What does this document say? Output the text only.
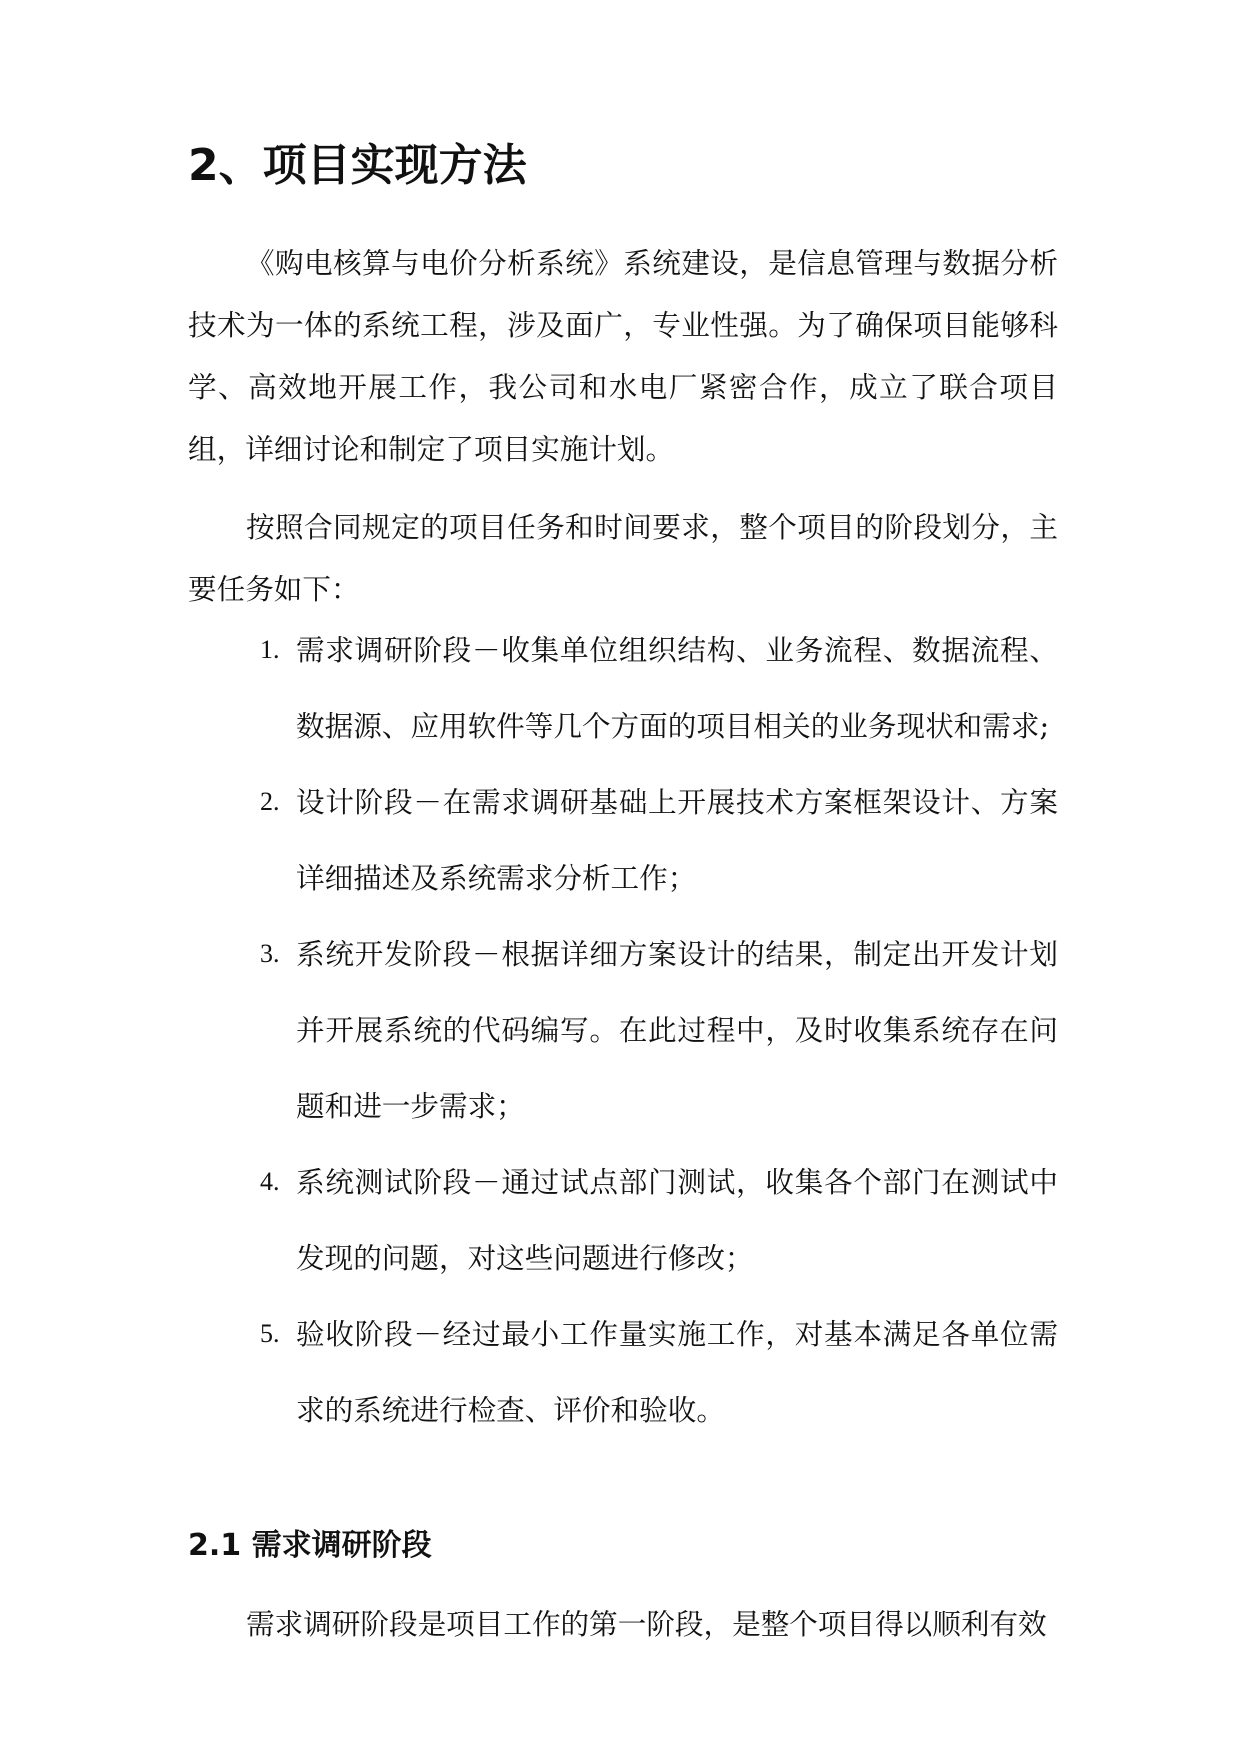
2、项目实现方法

《购电核算与电价分析系统》系统建设，是信息管理与数据分析技术为一体的系统工程，涉及面广，专业性强。为了确保项目能够科学、高效地开展工作，我公司和水电厂紧密合作，成立了联合项目组，详细讨论和制定了项目实施计划。

按照合同规定的项目任务和时间要求，整个项目的阶段划分，主要任务如下：

1. 需求调研阶段－收集单位组织结构、业务流程、数据流程、数据源、应用软件等几个方面的项目相关的业务现状和需求;
2. 设计阶段－在需求调研基础上开展技术方案框架设计、方案详细描述及系统需求分析工作；
3. 系统开发阶段－根据详细方案设计的结果，制定出开发计划并开展系统的代码编写。在此过程中，及时收集系统存在问题和进一步需求；
4. 系统测试阶段－通过试点部门测试，收集各个部门在测试中发现的问题，对这些问题进行修改；
5. 验收阶段－经过最小工作量实施工作，对基本满足各单位需求的系统进行检查、评价和验收。
2.1 需求调研阶段

需求调研阶段是项目工作的第一阶段，是整个项目得以顺利有效
